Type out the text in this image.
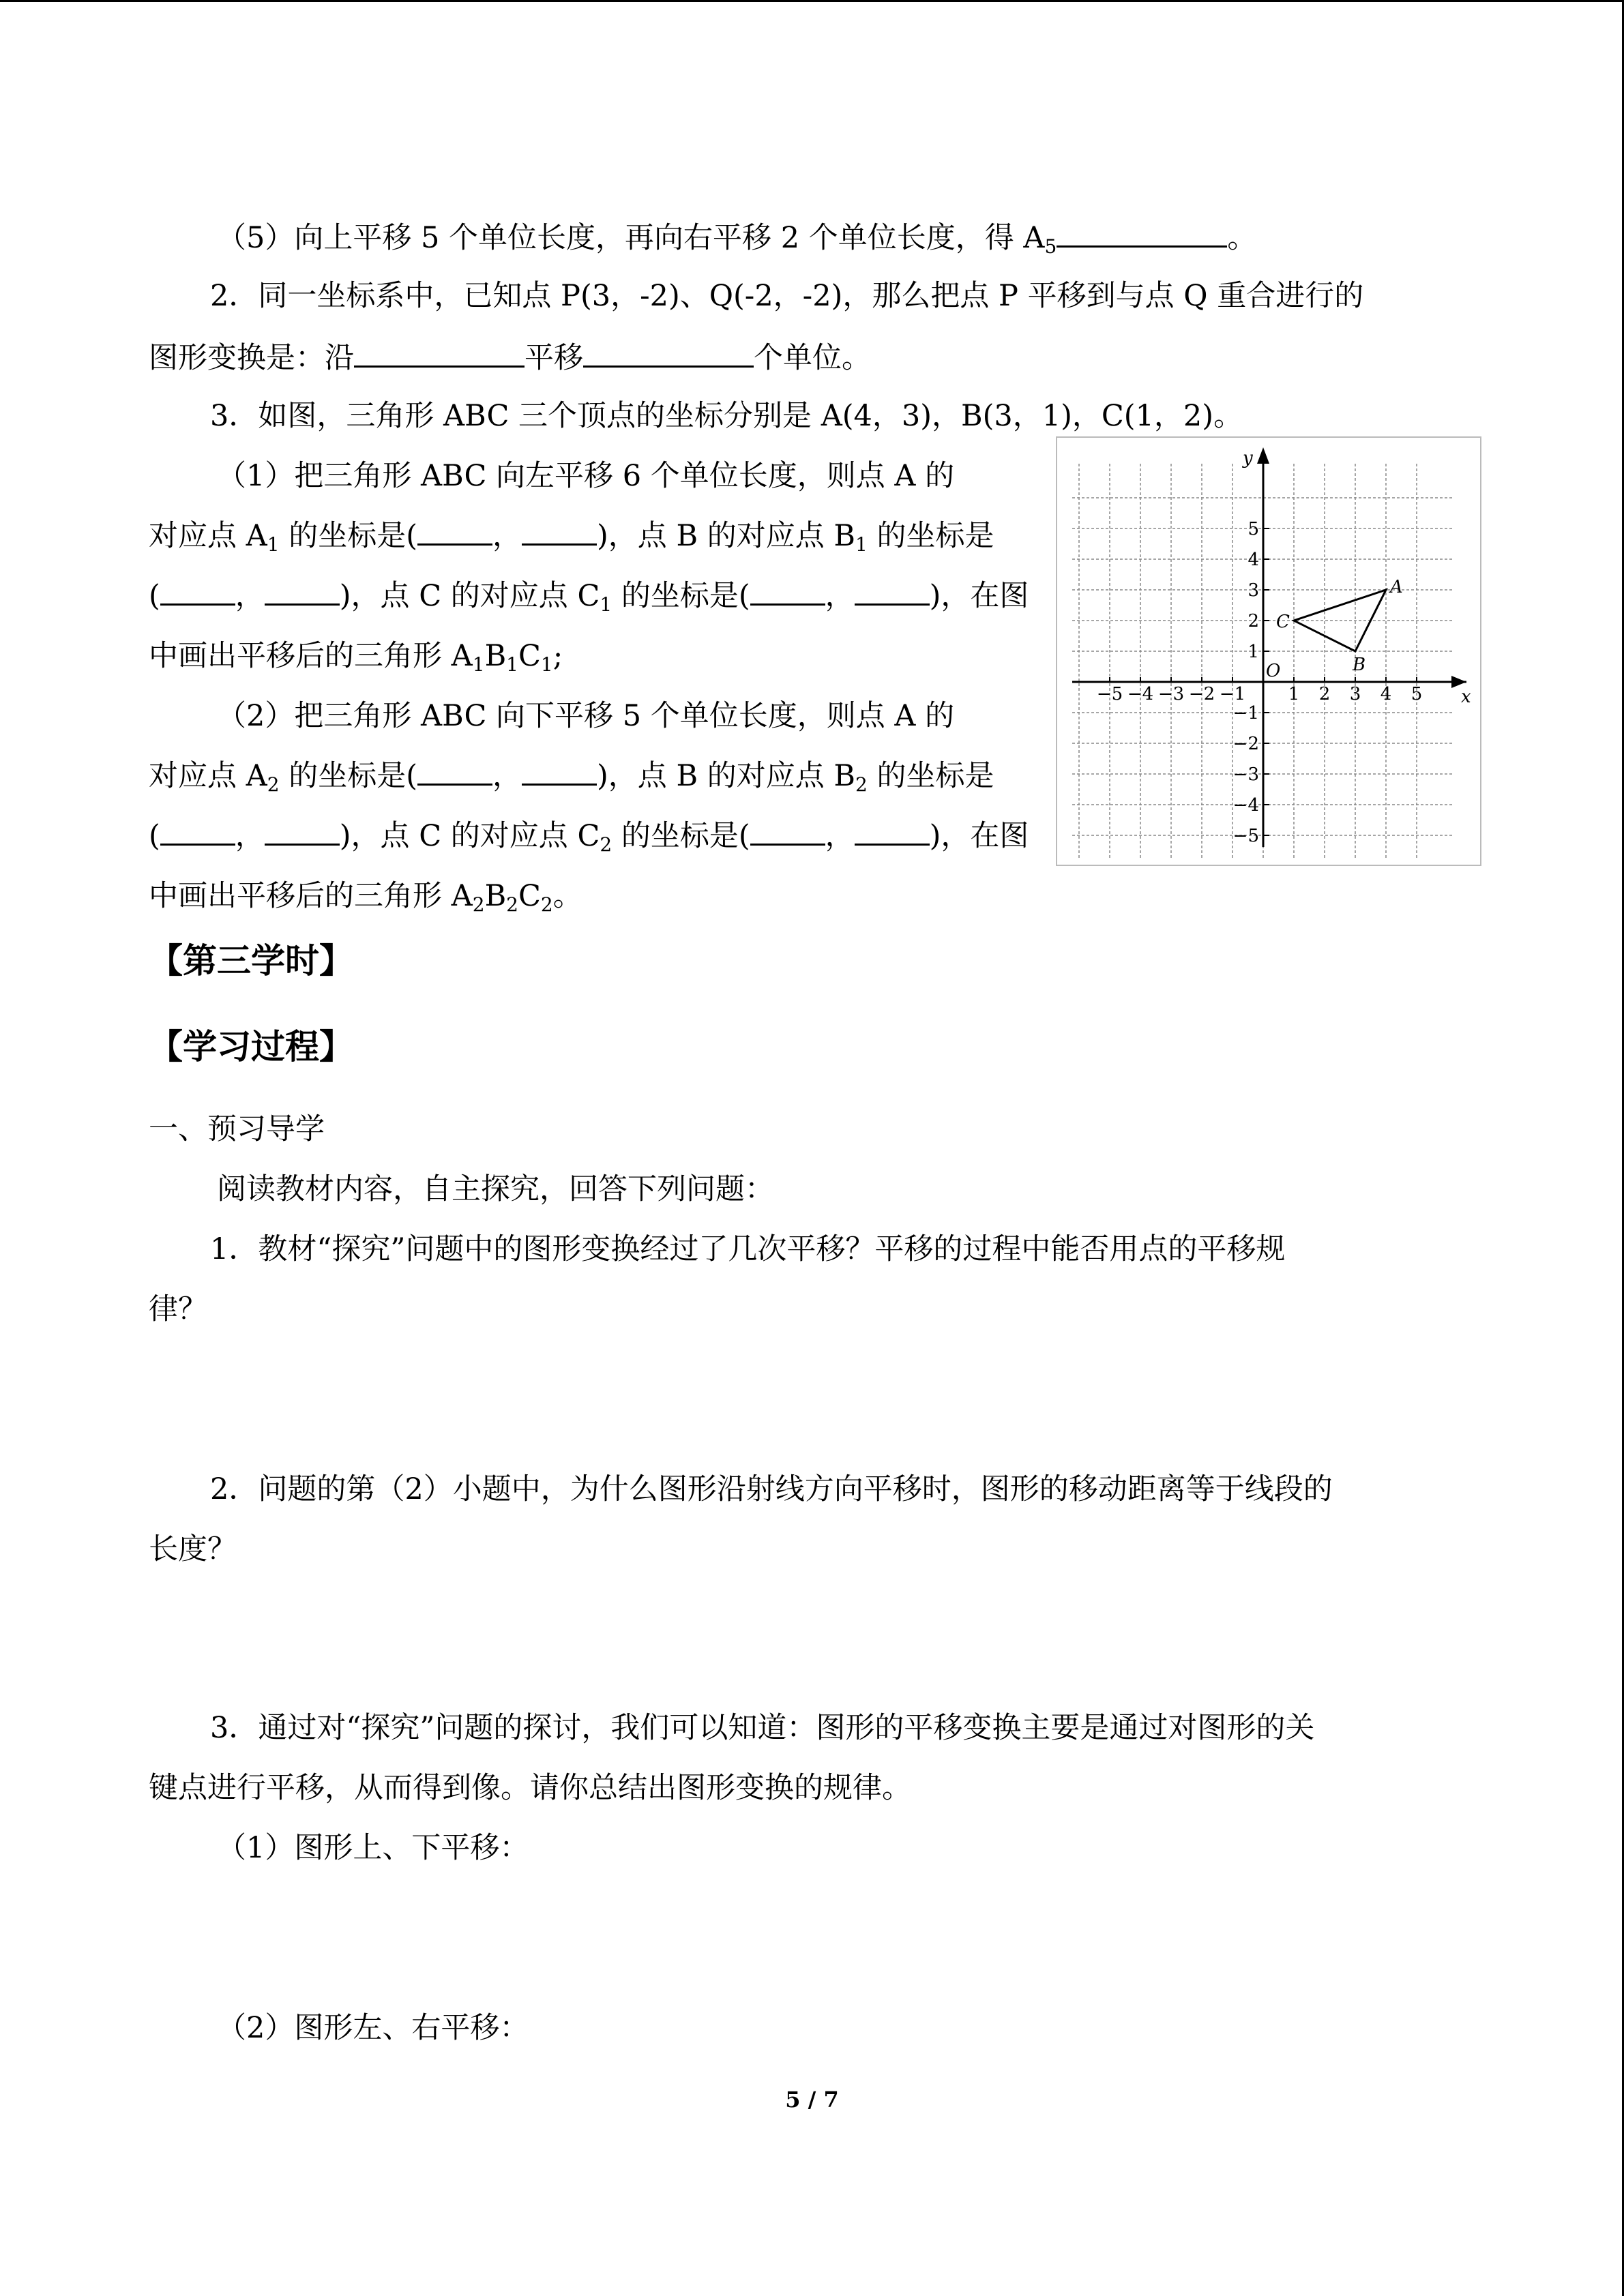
（5）向上平移 5 个单位长度，再向右平移 2 个单位长度，得 $A_5$	。
2．同一坐标系中，已知点 P(3，-2)、Q(-2，-2)，那么把点 P 平移到与点 Q 重合进行的
图形变换是：沿	平移	个单位。
3．如图，三角形 ABC 三个顶点的坐标分别是 A(4，3)，B(3，1)，C(1，2)。
（1）把三角形 ABC 向左平移 6 个单位长度，则点 A 的
对应点 $A_1$ 的坐标是(	，	)，点 B 的对应点 $B_1$ 的坐标是
(	，	)，点 C 的对应点 $C_1$ 的坐标是(	，	)，在图
中画出平移后的三角形 $A_1B_1C_1$;
（2）把三角形 ABC 向下平移 5 个单位长度，则点 A 的
对应点 $A_2$ 的坐标是(	，	)，点 B 的对应点 $B_2$ 的坐标是
(	，	)，点 C 的对应点 $C_2$ 的坐标是(	，	)，在图
中画出平移后的三角形 $A_2B_2C_2$。
−5 −4 −3 −2 −1 1 2 3 4 5
5
4
3
2
1
−1
−2
−3
−4
−5
x
y
O
A
B
C
【第三学时】
【学习过程】
一、预习导学
阅读教材内容，自主探究，回答下列问题：
1．教材“探究”问题中的图形变换经过了几次平移？平移的过程中能否用点的平移规
律？
2．问题的第（2）小题中，为什么图形沿射线方向平移时，图形的移动距离等于线段的
长度？
3．通过对“探究”问题的探讨，我们可以知道：图形的平移变换主要是通过对图形的关
键点进行平移，从而得到像。请你总结出图形变换的规律。
（1）图形上、下平移：
（2）图形左、右平移：
5 / 7
